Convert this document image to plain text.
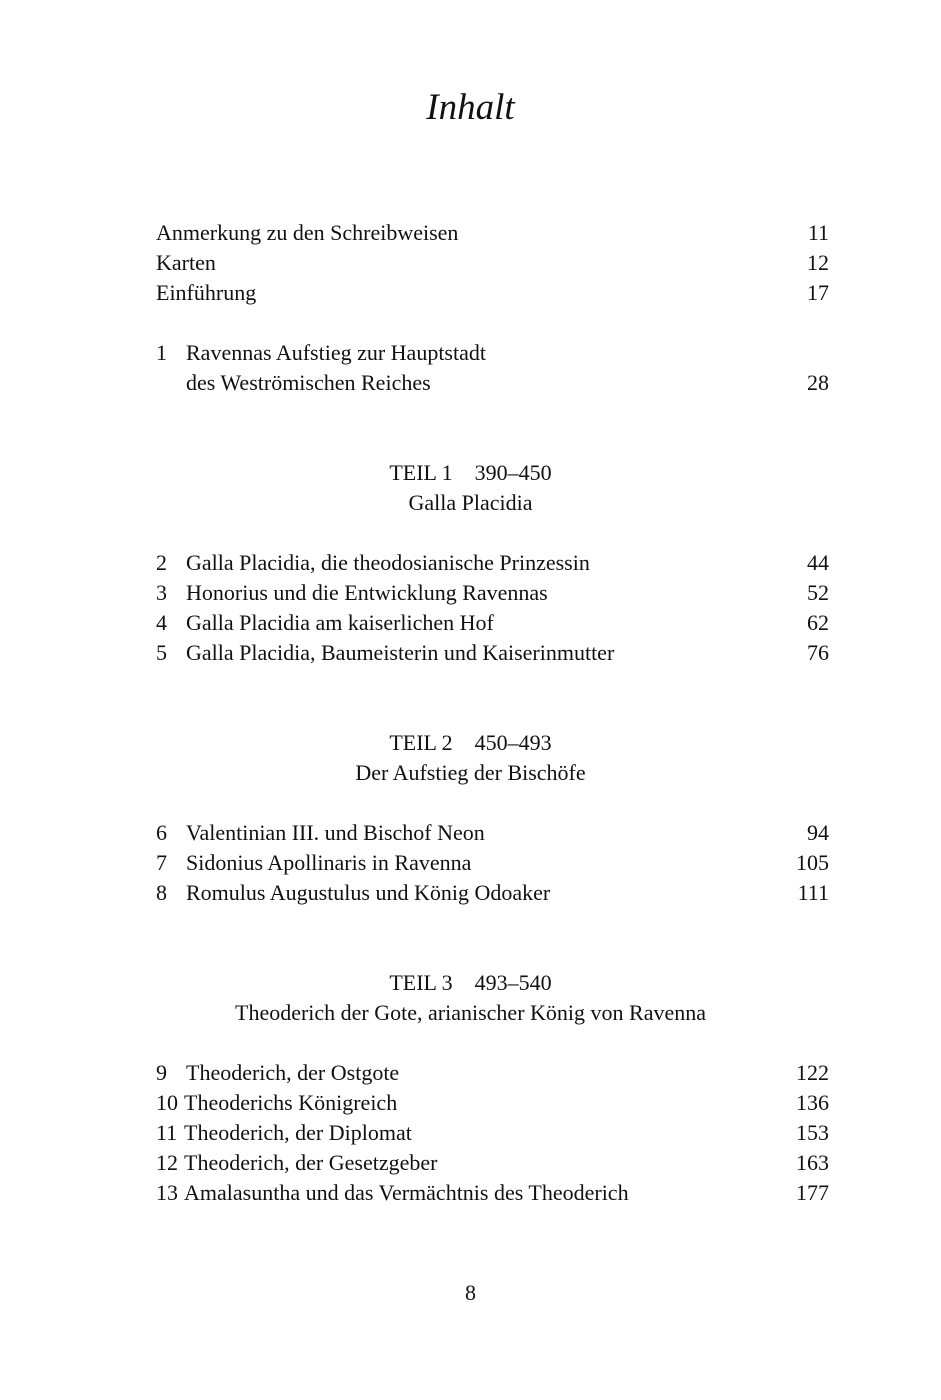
Inhalt
Anmerkung zu den Schreibweisen	11
Karten	12
Einführung	17
1 Ravennas Aufstieg zur Hauptstadt
des Weströmischen Reiches	28
TEIL 1 390–450
Galla Placidia
2 Galla Placidia, die theodosianische Prinzessin	44
3 Honorius und die Entwicklung Ravennas	52
4 Galla Placidia am kaiserlichen Hof	62
5 Galla Placidia, Baumeisterin und Kaiserinmutter	76
TEIL 2 450–493
Der Aufstieg der Bischöfe
6 Valentinian III. und Bischof Neon	94
7 Sidonius Apollinaris in Ravenna	105
8 Romulus Augustulus und König Odoaker	111
TEIL 3 493–540
Theoderich der Gote, arianischer König von Ravenna
9 Theoderich, der Ostgote	122
10 Theoderichs Königreich	136
11 Theoderich, der Diplomat	153
12 Theoderich, der Gesetzgeber	163
13 Amalasuntha und das Vermächtnis des Theoderich	177
8
